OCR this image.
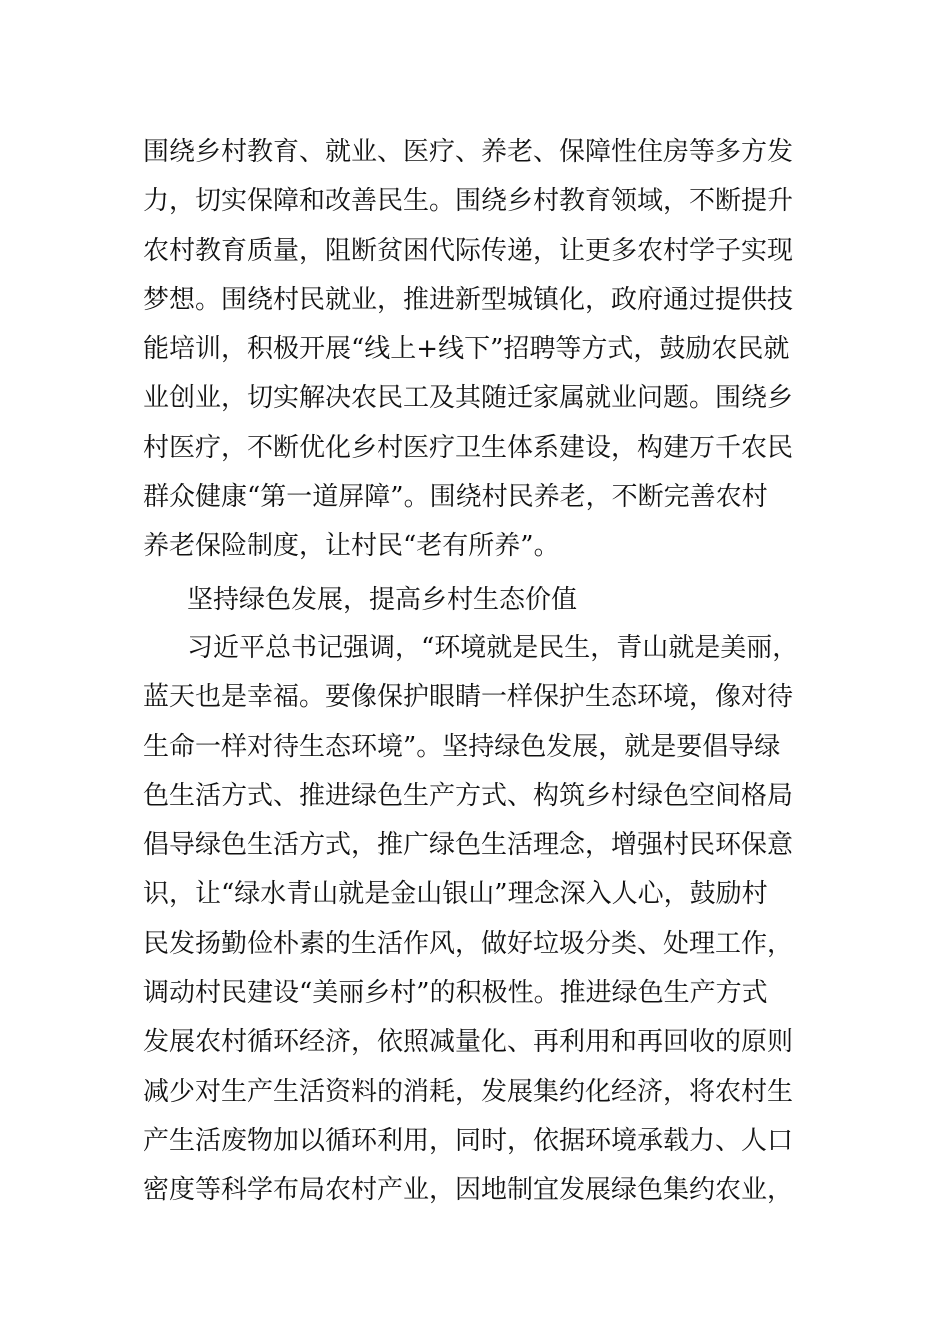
围绕乡村教育、就业、医疗、养老、保障性住房等多方发
力，切实保障和改善民生。围绕乡村教育领域，不断提升
农村教育质量，阻断贫困代际传递，让更多农村学子实现
梦想。围绕村民就业，推进新型城镇化，政府通过提供技
能培训，积极开展“线上+线下”招聘等方式，鼓励农民就
业创业，切实解决农民工及其随迁家属就业问题。围绕乡
村医疗，不断优化乡村医疗卫生体系建设，构建万千农民
群众健康“第一道屏障”。围绕村民养老，不断完善农村
养老保险制度，让村民“老有所养”。
坚持绿色发展，提高乡村生态价值
习近平总书记强调，“环境就是民生，青山就是美丽，
蓝天也是幸福。要像保护眼睛一样保护生态环境，像对待
生命一样对待生态环境”。坚持绿色发展，就是要倡导绿
色生活方式、推进绿色生产方式、构筑乡村绿色空间格局
倡导绿色生活方式，推广绿色生活理念，增强村民环保意
识，让“绿水青山就是金山银山”理念深入人心，鼓励村
民发扬勤俭朴素的生活作风，做好垃圾分类、处理工作，
调动村民建设“美丽乡村”的积极性。推进绿色生产方式
发展农村循环经济，依照减量化、再利用和再回收的原则
减少对生产生活资料的消耗，发展集约化经济，将农村生
产生活废物加以循环利用，同时，依据环境承载力、人口
密度等科学布局农村产业，因地制宜发展绿色集约农业，
